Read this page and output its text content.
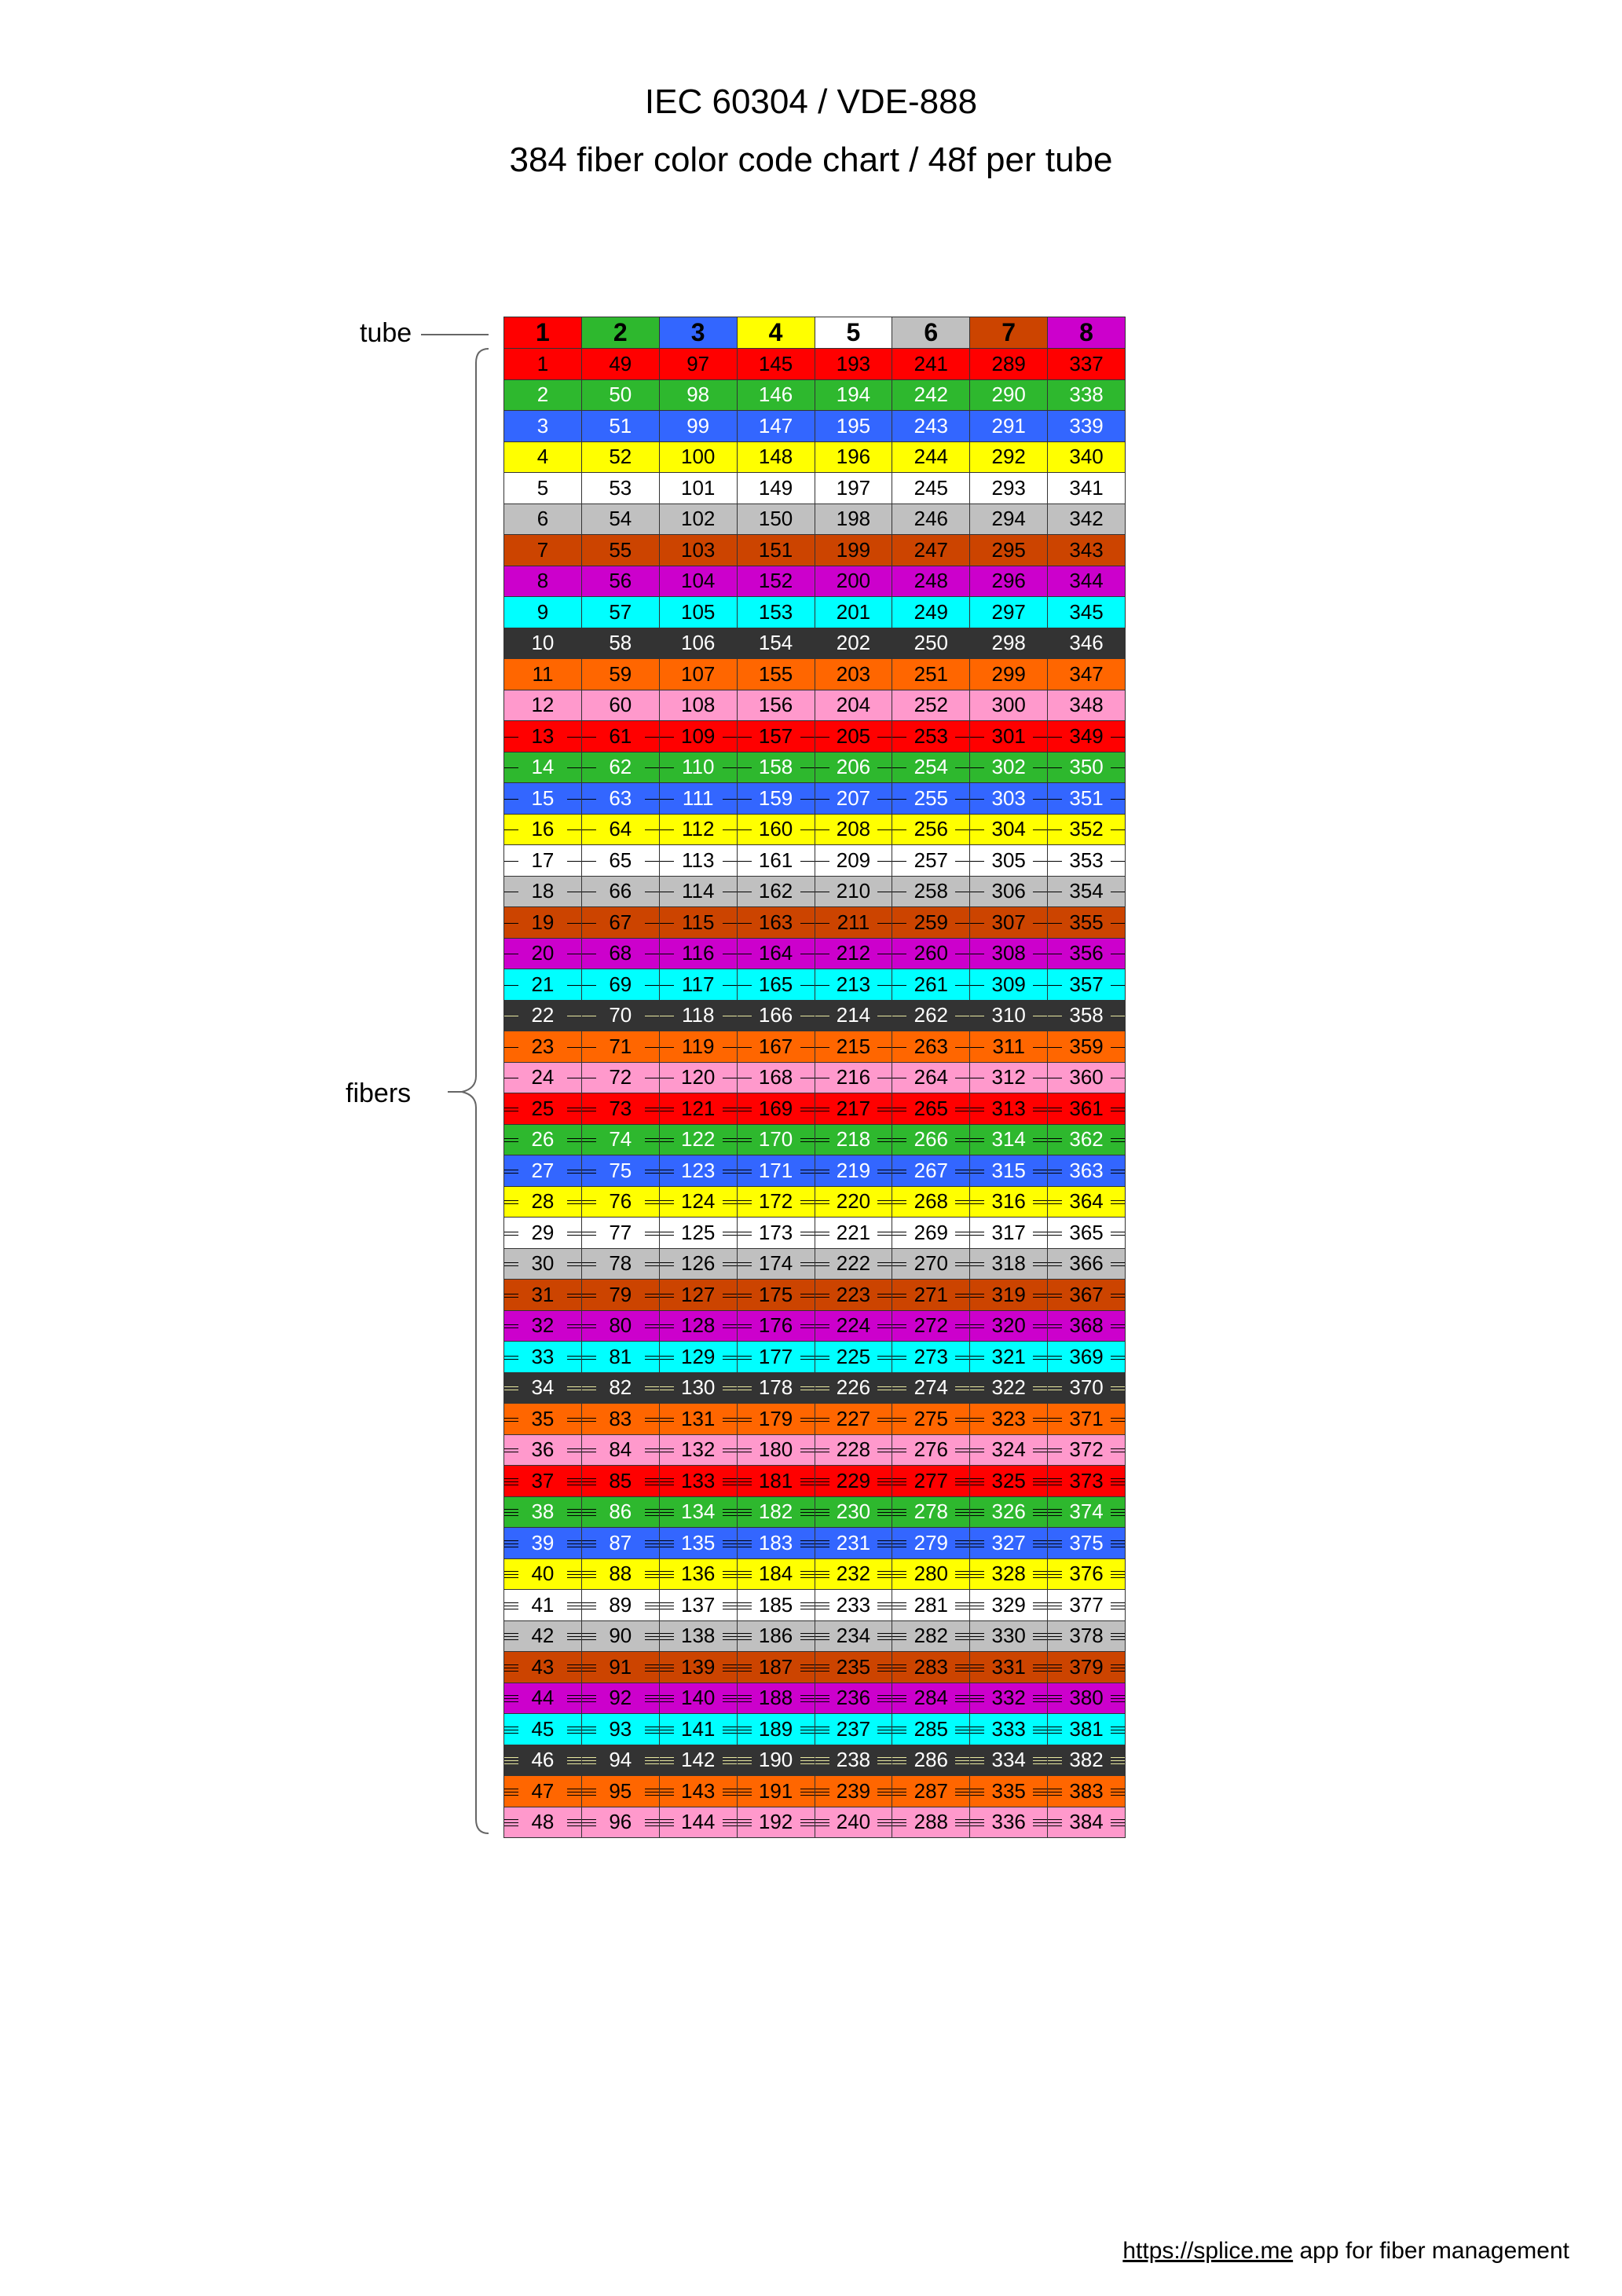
IEC 60304 / VDE-888
384 fiber color code chart / 48f per tube
tube
fibers
1	2	3	4	5	6	7	8
1	49	97 145 193 241 289 337
2	50	98 146 194 242 290 338
3	51	99 147 195 243 291 339
4	52 100 148 196 244 292 340
5	53 101 149 197 245 293 341
6	54 102 150 198 246 294 342
7	55 103 151 199 247 295 343
8	56 104 152 200 248 296 344
9	57 105 153 201 249 297 345
10	58 106 154 202 250 298 346
11	59 107 155 203 251 299 347
12	60 108 156 204 252 300 348
13	61 109 157 205 253 301 349
14	62 110 158 206 254 302 350
15	63 111 159 207 255 303 351
16	64 112 160 208 256 304 352
17	65 113 161 209 257 305 353
18	66 114 162 210 258 306 354
19	67 115 163 211 259 307 355
20	68 116 164 212 260 308 356
21	69 117 165 213 261 309 357
22	70 118 166 214 262 310 358
23	71 119 167 215 263 311 359
24	72 120 168 216 264 312 360
25	73 121 169 217 265 313 361
26	74 122 170 218 266 314 362
27	75 123 171 219 267 315 363
28	76 124 172 220 268 316 364
29	77 125 173 221 269 317 365
30	78 126 174 222 270 318 366
31	79 127 175 223 271 319 367
32	80 128 176 224 272 320 368
33	81 129 177 225 273 321 369
34	82 130 178 226 274 322 370
35	83 131 179 227 275 323 371
36	84 132 180 228 276 324 372
37	85 133 181 229 277 325 373
38	86 134 182 230 278 326 374
39	87 135 183 231 279 327 375
40	88 136 184 232 280 328 376
41	89 137 185 233 281 329 377
42	90 138 186 234 282 330 378
43	91 139 187 235 283 331 379
44	92 140 188 236 284 332 380
45	93 141 189 237 285 333 381
46	94 142 190 238 286 334 382
47	95 143 191 239 287 335 383
48	96 144 192 240 288 336 384
https://splice.me app for fiber management
